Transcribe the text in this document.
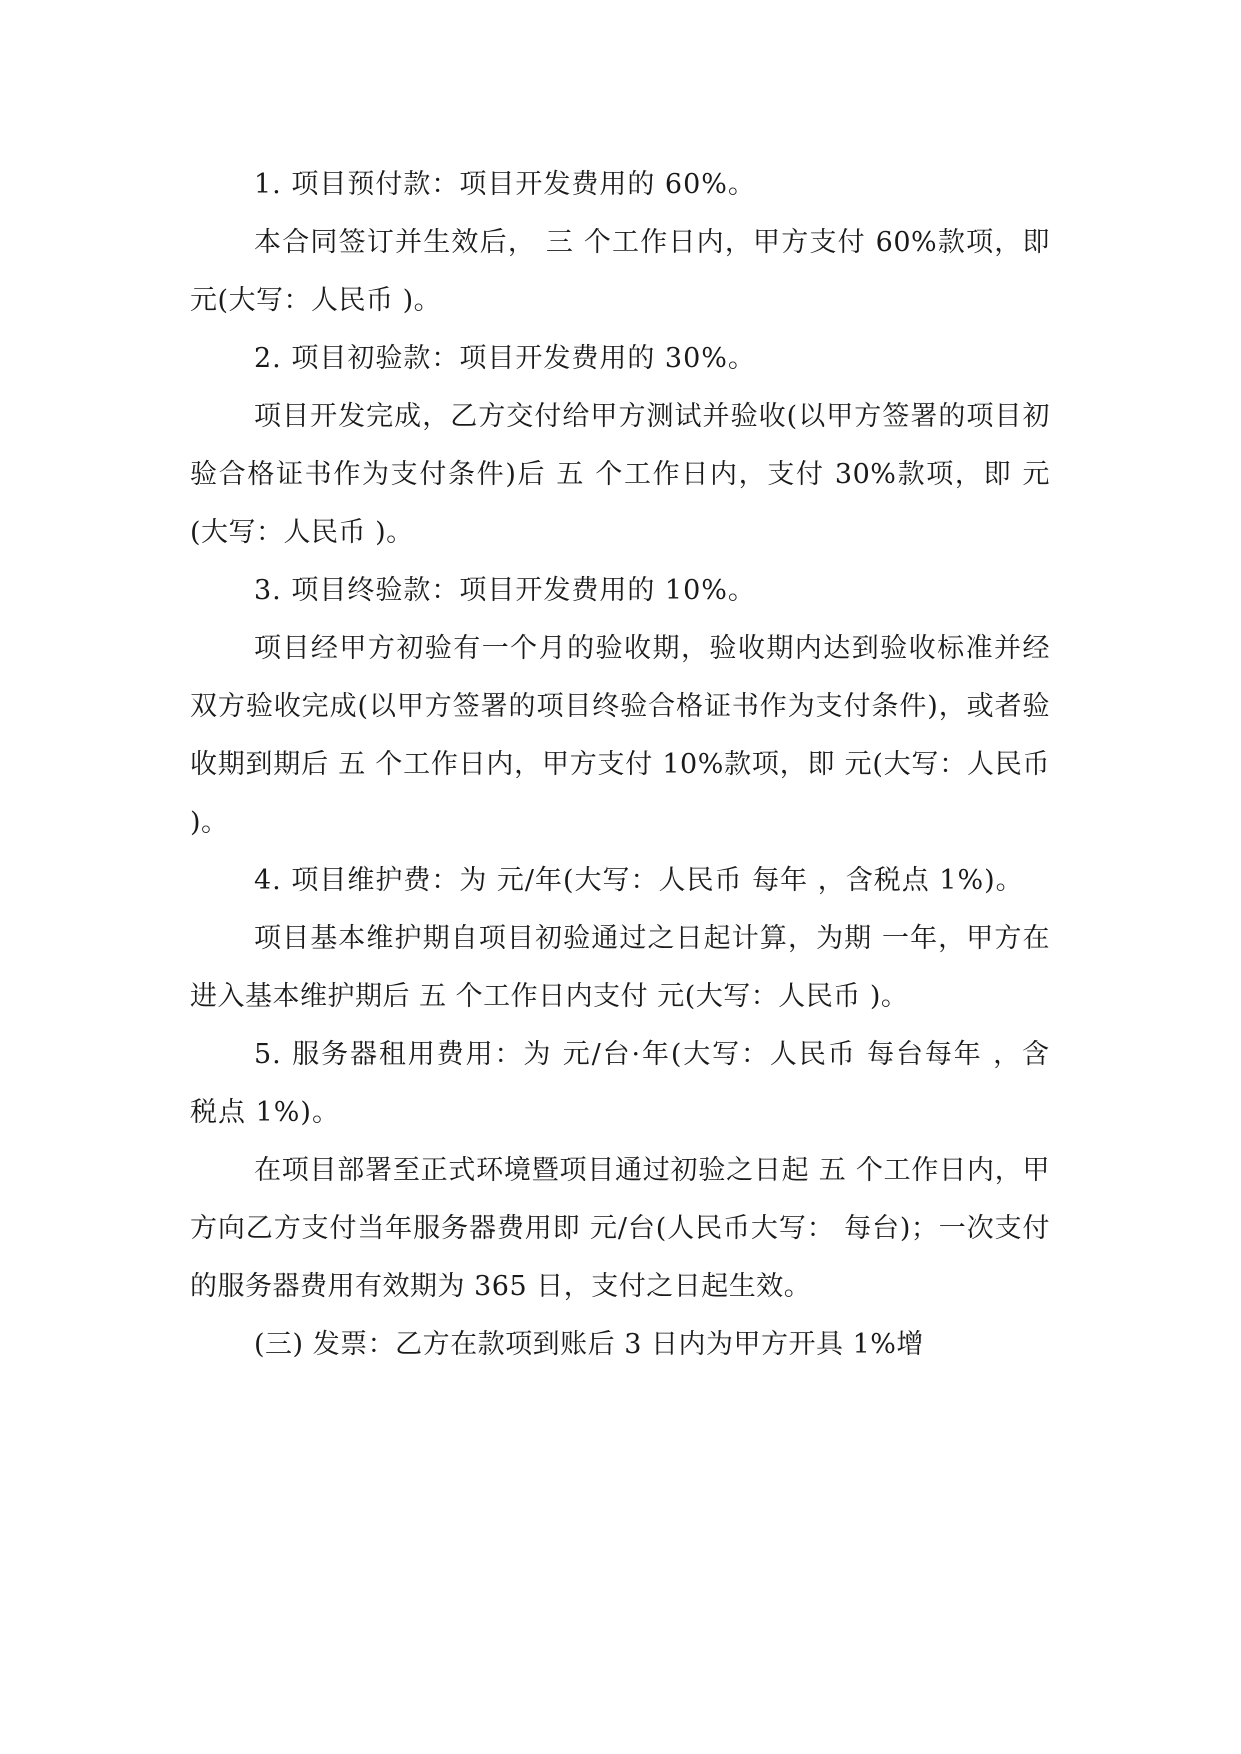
1. 项目预付款：项目开发费用的 60%。

本合同签订并生效后， 三 个工作日内，甲方支付 60%款项，即 元(大写：人民币 )。

2. 项目初验款：项目开发费用的 30%。

项目开发完成，乙方交付给甲方测试并验收(以甲方签署的项目初验合格证书作为支付条件)后 五 个工作日内，支付 30%款项，即 元(大写：人民币 )。

3. 项目终验款：项目开发费用的 10%。

项目经甲方初验有一个月的验收期，验收期内达到验收标准并经双方验收完成(以甲方签署的项目终验合格证书作为支付条件)，或者验收期到期后 五 个工作日内，甲方支付 10%款项，即 元(大写：人民币 )。

4. 项目维护费：为 元/年(大写：人民币 每年 ，含税点 1%)。

项目基本维护期自项目初验通过之日起计算，为期 一年，甲方在进入基本维护期后 五 个工作日内支付 元(大写：人民币 )。

5. 服务器租用费用：为 元/台·年(大写：人民币 每台每年 ，含税点 1%)。

在项目部署至正式环境暨项目通过初验之日起 五 个工作日内，甲方向乙方支付当年服务器费用即 元/台(人民币大写： 每台)；一次支付的服务器费用有效期为 365 日，支付之日起生效。

(三) 发票：乙方在款项到账后 3 日内为甲方开具 1%增
